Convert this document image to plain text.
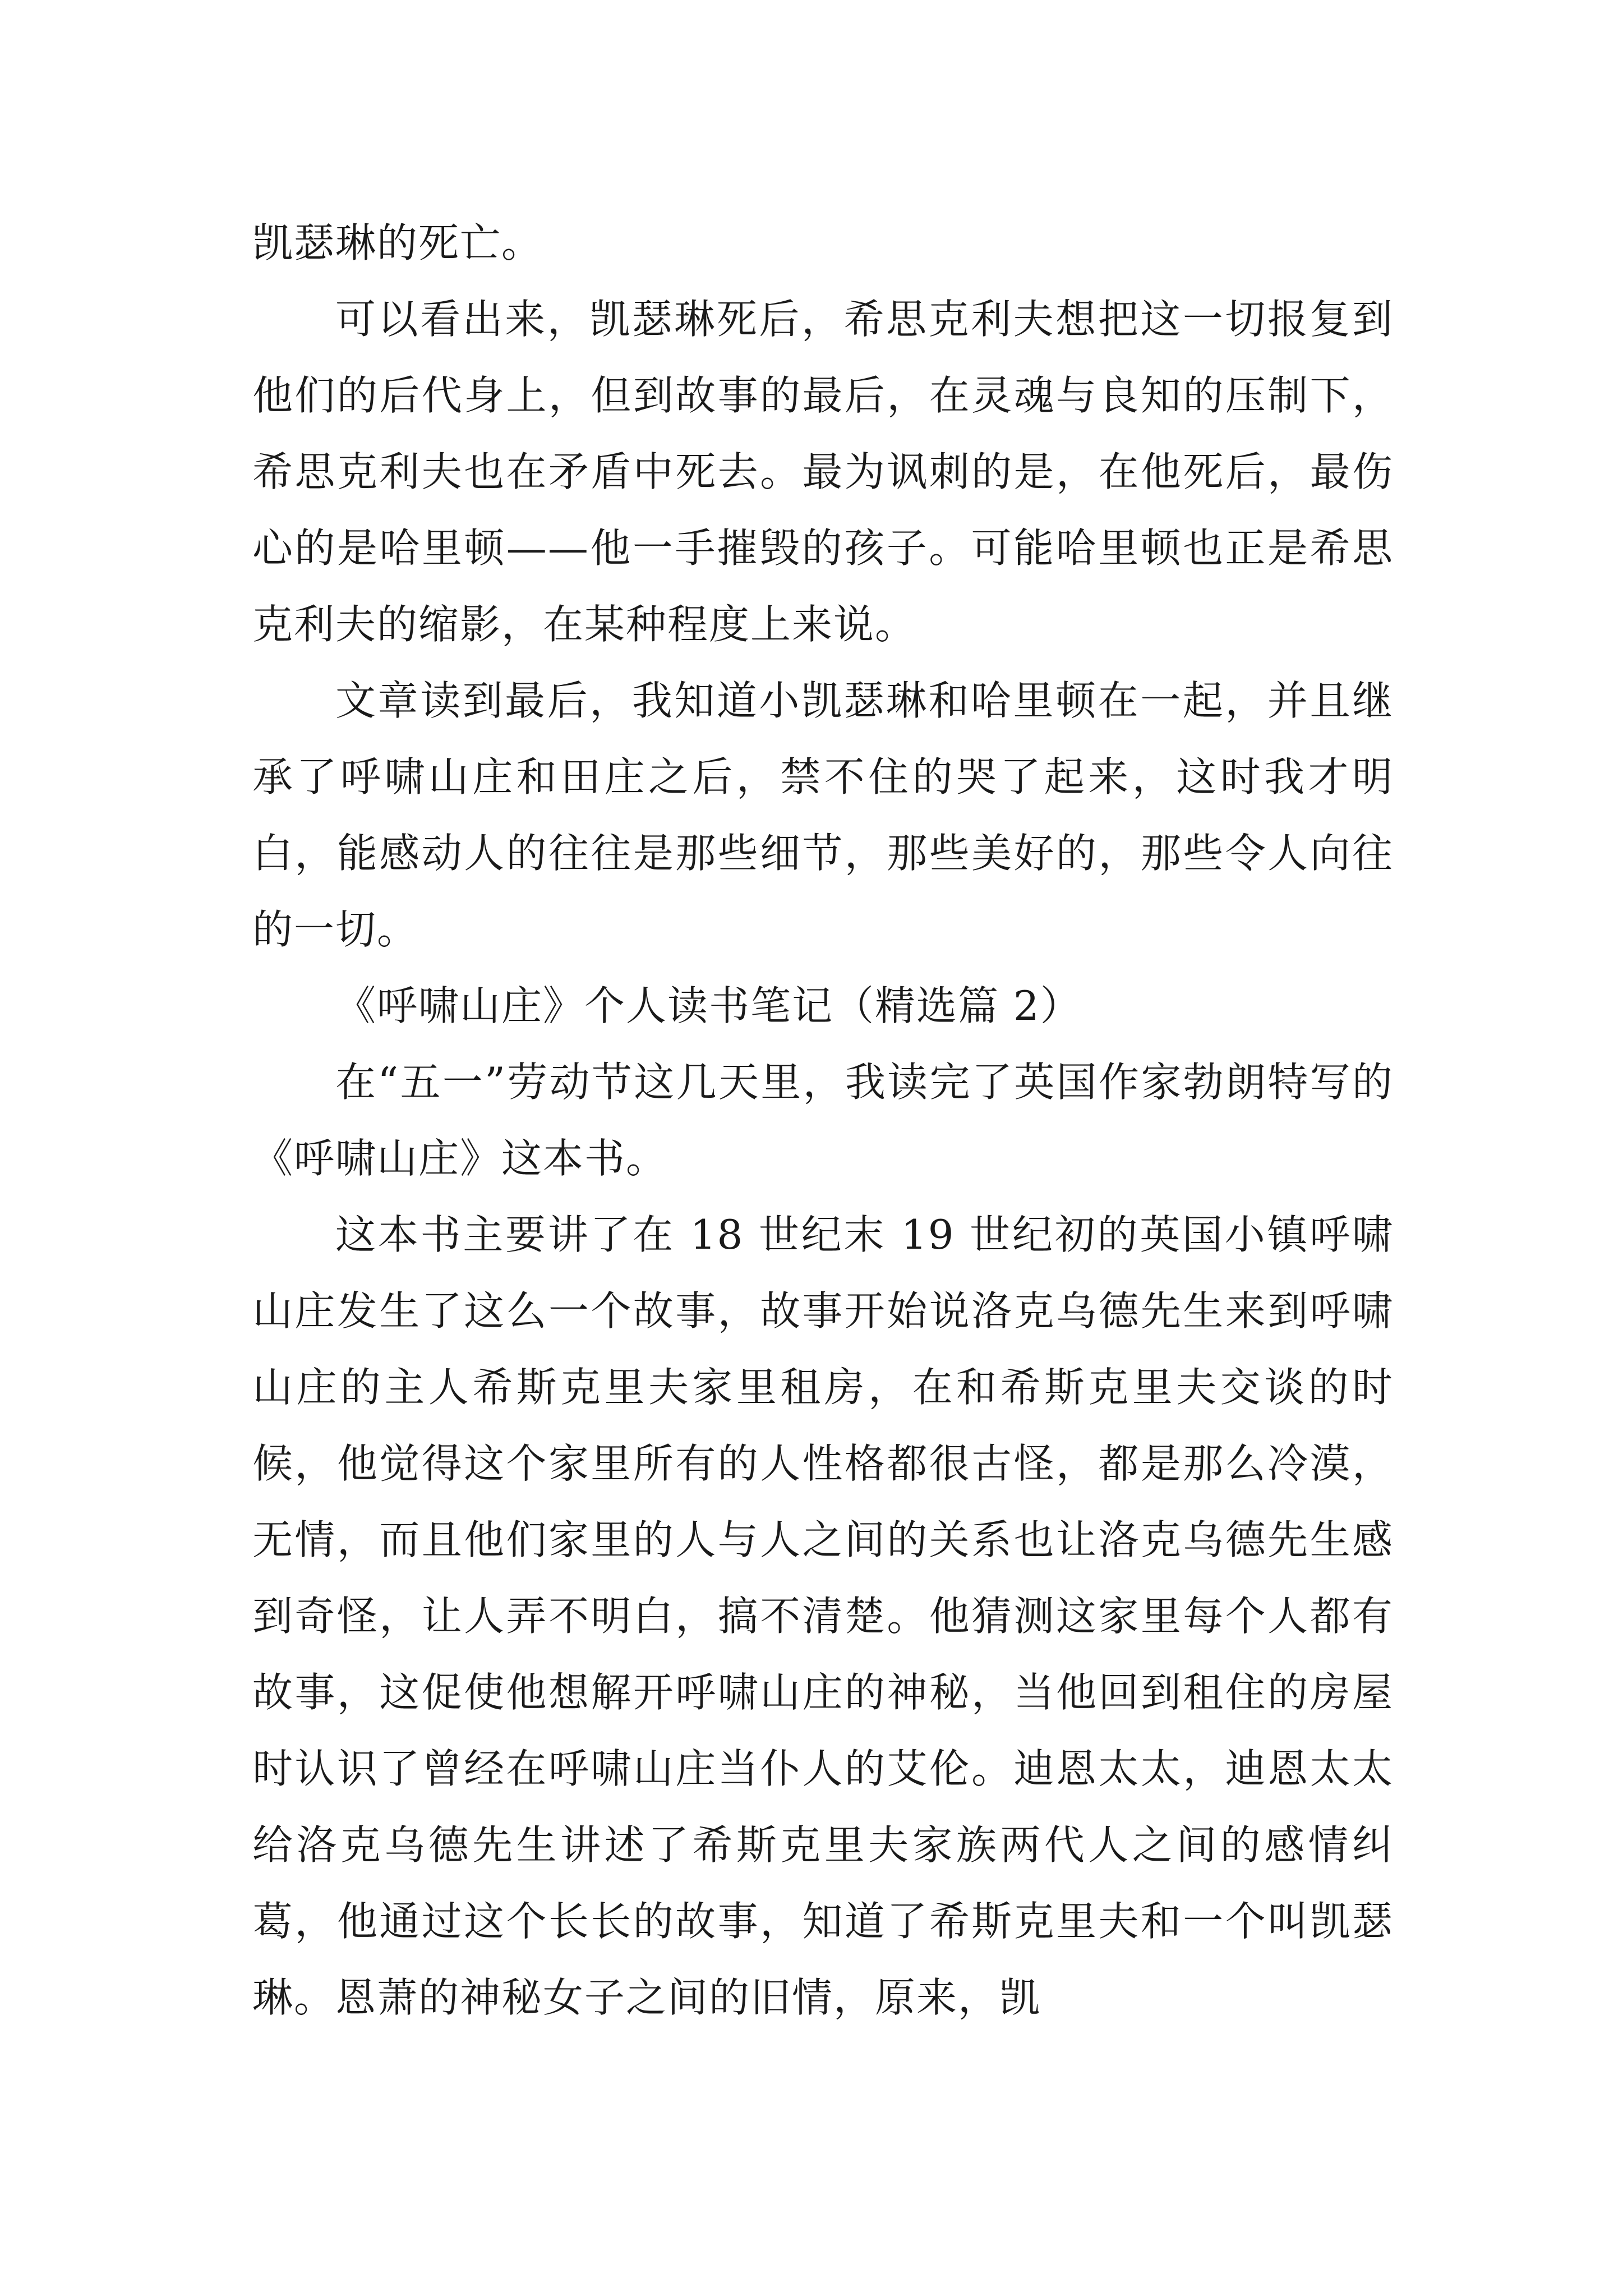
凯瑟琳的死亡。

可以看出来，凯瑟琳死后，希思克利夫想把这一切报复到他们的后代身上，但到故事的最后，在灵魂与良知的压制下，希思克利夫也在矛盾中死去。最为讽刺的是，在他死后，最伤心的是哈里顿——他一手摧毁的孩子。可能哈里顿也正是希思克利夫的缩影，在某种程度上来说。

文章读到最后，我知道小凯瑟琳和哈里顿在一起，并且继承了呼啸山庄和田庄之后，禁不住的哭了起来，这时我才明白，能感动人的往往是那些细节，那些美好的，那些令人向往的一切。

《呼啸山庄》个人读书笔记（精选篇 2）

在“五一”劳动节这几天里，我读完了英国作家勃朗特写的《呼啸山庄》这本书。

这本书主要讲了在 18 世纪末 19 世纪初的英国小镇呼啸山庄发生了这么一个故事，故事开始说洛克乌德先生来到呼啸山庄的主人希斯克里夫家里租房，在和希斯克里夫交谈的时候，他觉得这个家里所有的人性格都很古怪，都是那么冷漠，无情，而且他们家里的人与人之间的关系也让洛克乌德先生感到奇怪，让人弄不明白，搞不清楚。他猜测这家里每个人都有故事，这促使他想解开呼啸山庄的神秘，当他回到租住的房屋时认识了曾经在呼啸山庄当仆人的艾伦。迪恩太太，迪恩太太给洛克乌德先生讲述了希斯克里夫家族两代人之间的感情纠葛，他通过这个长长的故事，知道了希斯克里夫和一个叫凯瑟琳。恩萧的神秘女子之间的旧情，原来，凯
